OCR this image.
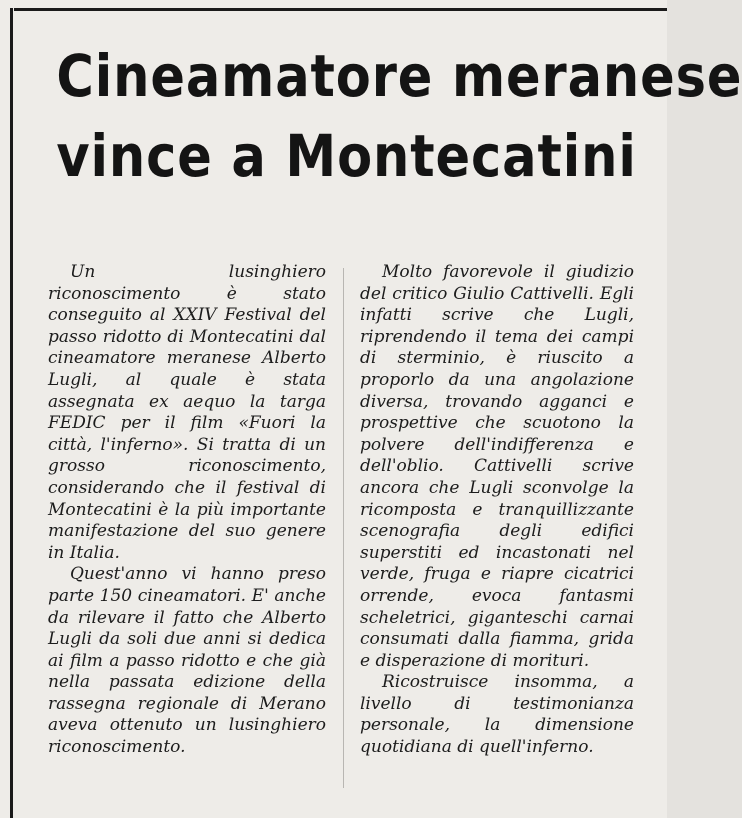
Cineamatore meranese
vince a Montecatini

Un lusinghiero riconoscimento è stato conseguito al XXIV Festival del passo ridotto di Montecatini dal cineamatore meranese Alberto Lugli, al quale è stata assegnata ex aequo la targa FEDIC per il film «Fuori la città, l'inferno». Si tratta di un grosso riconoscimento, considerando che il festival di Montecatini è la più importante manifestazione del suo genere in Italia.

Quest'anno vi hanno preso parte 150 cineamatori. E' anche da rilevare il fatto che Alberto Lugli da soli due anni si dedica ai film a passo ridotto e che già nella passata edizione della rassegna regionale di Merano aveva ottenuto un lusinghiero riconoscimento.

Molto favorevole il giudizio del critico Giulio Cattivelli. Egli infatti scrive che Lugli, riprendendo il tema dei campi di sterminio, è riuscito a proporlo da una angolazione diversa, trovando agganci e prospettive che scuotono la polvere dell'indifferenza e dell'oblio. Cattivelli scrive ancora che Lugli sconvolge la ricomposta e tranquillizzante scenografia degli edifici superstiti ed incastonati nel verde, fruga e riapre cicatrici orrende, evoca fantasmi scheletrici, giganteschi carnai consumati dalla fiamma, grida e disperazione di morituri.

Ricostruisce insomma, a livello di testimonianza personale, la dimensione quotidiana di quell'inferno.
